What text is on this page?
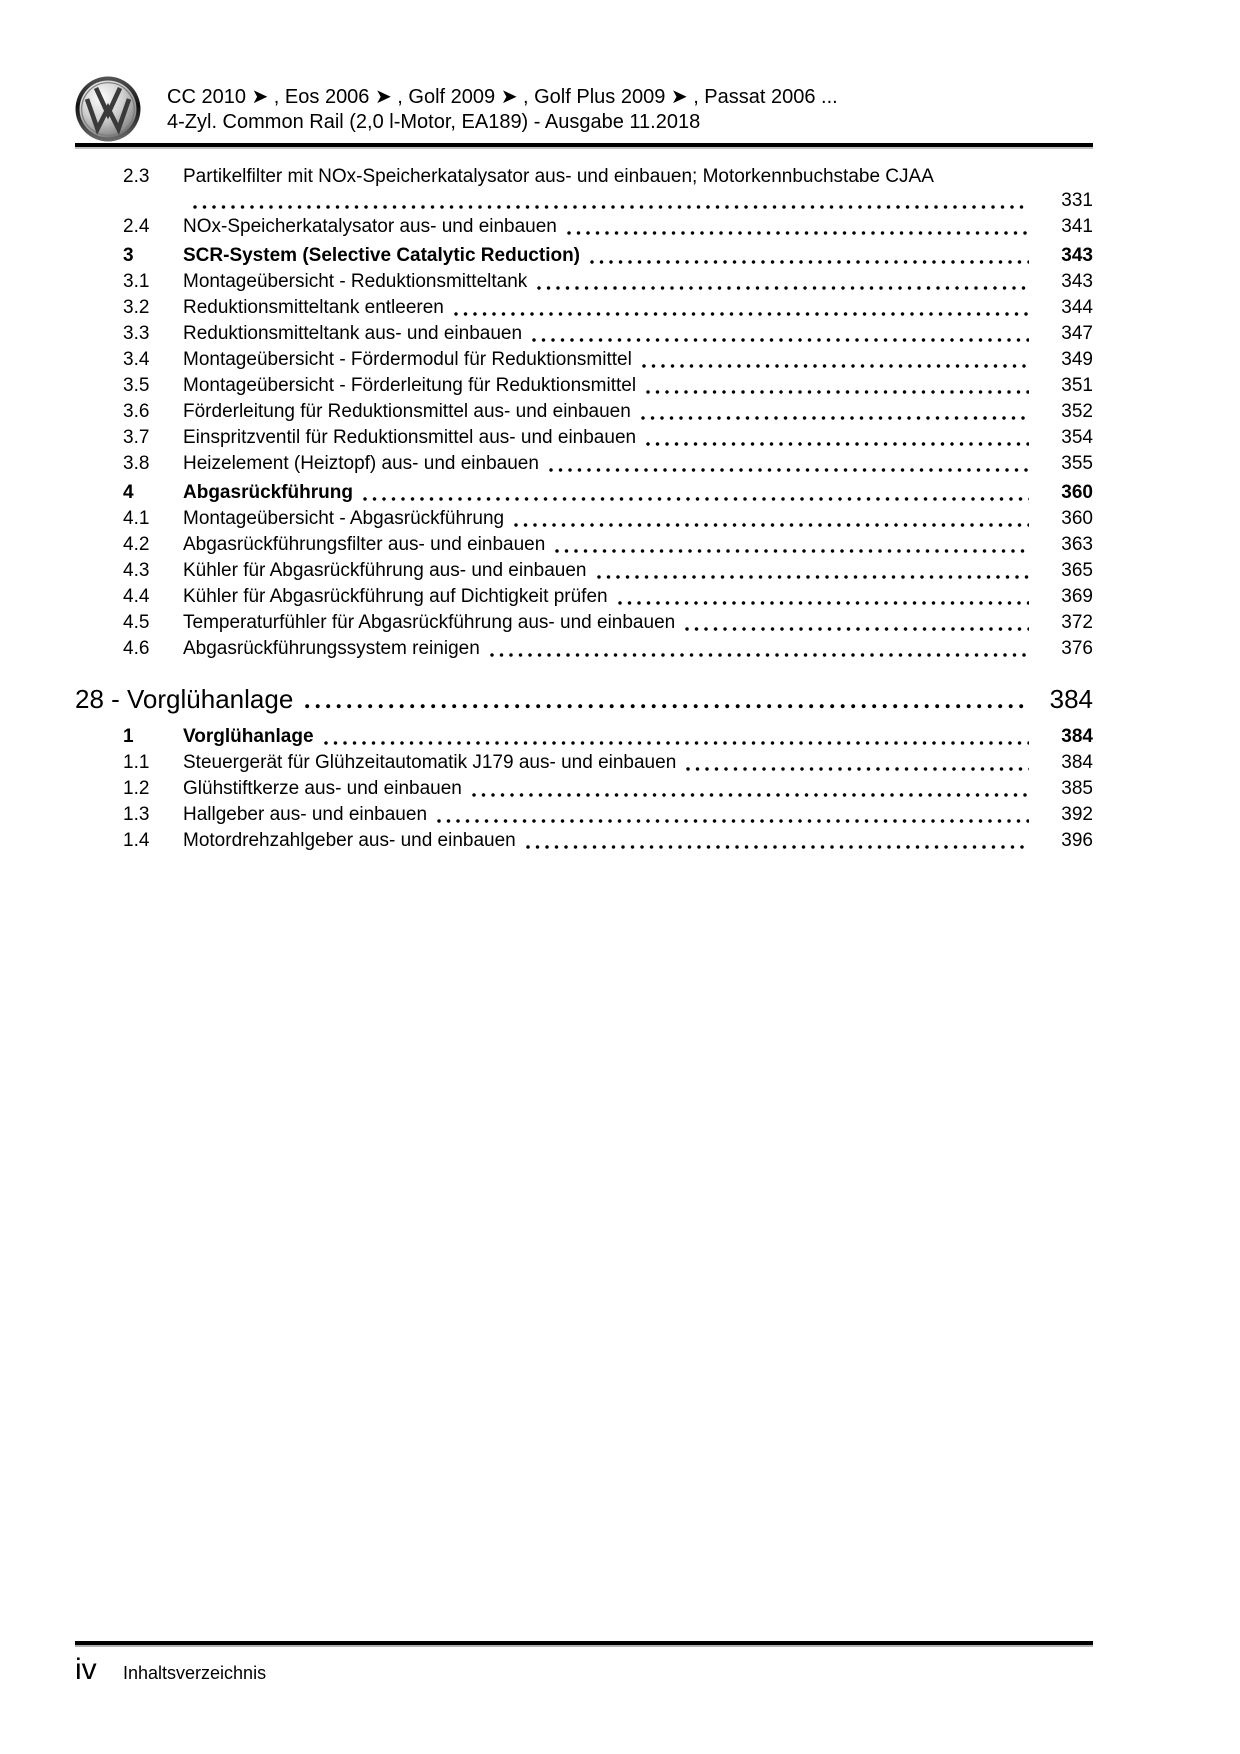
CC 2010 ➤ , Eos 2006 ➤ , Golf 2009 ➤ , Golf Plus 2009 ➤ , Passat 2006 ...
4-Zyl. Common Rail (2,0 l-Motor, EA189) - Ausgabe 11.2018
2.3	Partikelfilter mit NOx-Speicherkatalysator aus- und einbauen; Motorkennbuchstabe CJAA
331
2.4	NOx-Speicherkatalysator aus- und einbauen	341
3	SCR-System (Selective Catalytic Reduction)	343
3.1	Montageübersicht - Reduktionsmitteltank	343
3.2	Reduktionsmitteltank entleeren	344
3.3	Reduktionsmitteltank aus- und einbauen	347
3.4	Montageübersicht - Fördermodul für Reduktionsmittel	349
3.5	Montageübersicht - Förderleitung für Reduktionsmittel	351
3.6	Förderleitung für Reduktionsmittel aus- und einbauen	352
3.7	Einspritzventil für Reduktionsmittel aus- und einbauen	354
3.8	Heizelement (Heiztopf) aus- und einbauen	355
4	Abgasrückführung	360
4.1	Montageübersicht - Abgasrückführung	360
4.2	Abgasrückführungsfilter aus- und einbauen	363
4.3	Kühler für Abgasrückführung aus- und einbauen	365
4.4	Kühler für Abgasrückführung auf Dichtigkeit prüfen	369
4.5	Temperaturfühler für Abgasrückführung aus- und einbauen	372
4.6	Abgasrückführungssystem reinigen	376
28 - Vorglühanlage	384
1	Vorglühanlage	384
1.1	Steuergerät für Glühzeitautomatik J179 aus- und einbauen	384
1.2	Glühstiftkerze aus- und einbauen	385
1.3	Hallgeber aus- und einbauen	392
1.4	Motordrehzahlgeber aus- und einbauen	396
iv	Inhaltsverzeichnis
